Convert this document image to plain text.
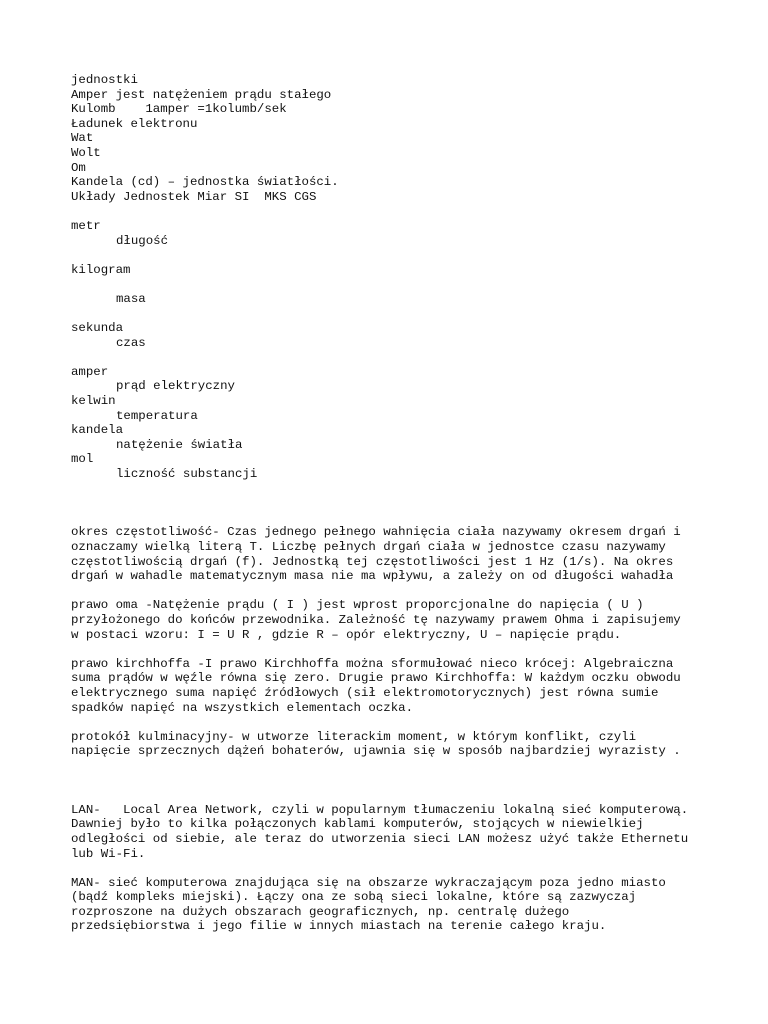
jednostki

Amper jest natężeniem prądu stałego

Kulomb    1amper =1kolumb/sek

Ładunek elektronu

Wat

Wolt

Om

Kandela (cd) – jednostka światłości.

Układy Jednostek Miar SI  MKS CGS

metr

długość

kilogram

masa

sekunda

czas

amper

prąd elektryczny

kelwin

temperatura

kandela

natężenie światła

mol

liczność substancji

okres częstotliwość- Czas jednego pełnego wahnięcia ciała nazywamy okresem drgań i

oznaczamy wielką literą T. Liczbę pełnych drgań ciała w jednostce czasu nazywamy

częstotliwością drgań (f). Jednostką tej częstotliwości jest 1 Hz (1/s). Na okres

drgań w wahadle matematycznym masa nie ma wpływu, a zależy on od długości wahadła

prawo oma -Natężenie prądu ( I ) jest wprost proporcjonalne do napięcia ( U )

przyłożonego do końców przewodnika. Zależność tę nazywamy prawem Ohma i zapisujemy

w postaci wzoru: I = U R , gdzie R – opór elektryczny, U – napięcie prądu.

prawo kirchhoffa -I prawo Kirchhoffa można sformułować nieco krócej: Algebraiczna

suma prądów w węźle równa się zero. Drugie prawo Kirchhoffa: W każdym oczku obwodu

elektrycznego suma napięć źródłowych (sił elektromotorycznych) jest równa sumie

spadków napięć na wszystkich elementach oczka.

protokół kulminacyjny- w utworze literackim moment, w którym konflikt, czyli

napięcie sprzecznych dążeń bohaterów, ujawnia się w sposób najbardziej wyrazisty .

LAN-   Local Area Network, czyli w popularnym tłumaczeniu lokalną sieć komputerową.

Dawniej było to kilka połączonych kablami komputerów, stojących w niewielkiej

odległości od siebie, ale teraz do utworzenia sieci LAN możesz użyć także Ethernetu

lub Wi-Fi.

MAN- sieć komputerowa znajdująca się na obszarze wykraczającym poza jedno miasto

(bądź kompleks miejski). Łączy ona ze sobą sieci lokalne, które są zazwyczaj

rozproszone na dużych obszarach geograficznych, np. centralę dużego

przedsiębiorstwa i jego filie w innych miastach na terenie całego kraju.
